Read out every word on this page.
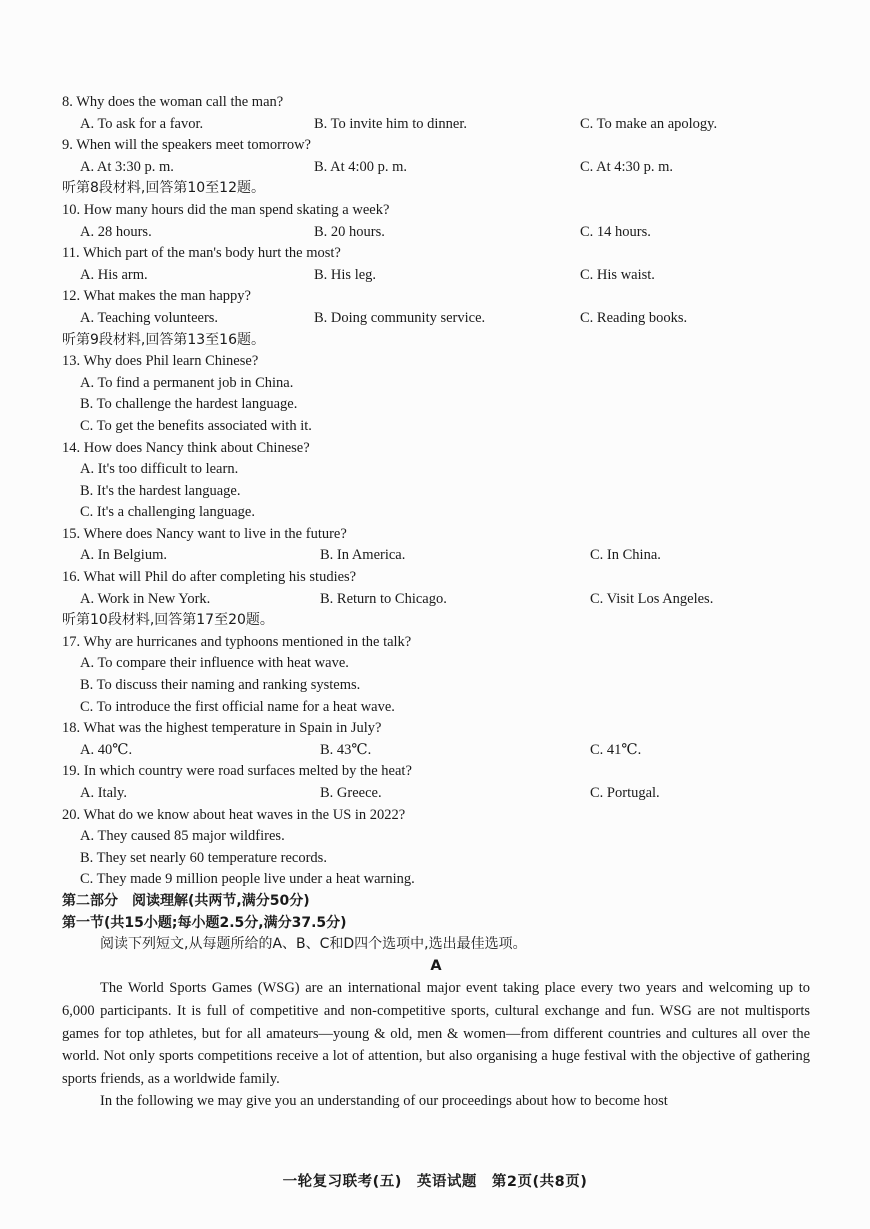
8. Why does the woman call the man?
A. To ask for a favor.	B. To invite him to dinner.	C. To make an apology.
9. When will the speakers meet tomorrow?
A. At 3:30 p. m.	B. At 4:00 p. m.	C. At 4:30 p. m.
听第8段材料,回答第10至12题。
10. How many hours did the man spend skating a week?
A. 28 hours.	B. 20 hours.	C. 14 hours.
11. Which part of the man's body hurt the most?
A. His arm.	B. His leg.	C. His waist.
12. What makes the man happy?
A. Teaching volunteers.	B. Doing community service.	C. Reading books.
听第9段材料,回答第13至16题。
13. Why does Phil learn Chinese?
A. To find a permanent job in China.
B. To challenge the hardest language.
C. To get the benefits associated with it.
14. How does Nancy think about Chinese?
A. It's too difficult to learn.
B. It's the hardest language.
C. It's a challenging language.
15. Where does Nancy want to live in the future?
A. In Belgium.	B. In America.	C. In China.
16. What will Phil do after completing his studies?
A. Work in New York.	B. Return to Chicago.	C. Visit Los Angeles.
听第10段材料,回答第17至20题。
17. Why are hurricanes and typhoons mentioned in the talk?
A. To compare their influence with heat wave.
B. To discuss their naming and ranking systems.
C. To introduce the first official name for a heat wave.
18. What was the highest temperature in Spain in July?
A. 40℃.	B. 43℃.	C. 41℃.
19. In which country were road surfaces melted by the heat?
A. Italy.	B. Greece.	C. Portugal.
20. What do we know about heat waves in the US in 2022?
A. They caused 85 major wildfires.
B. They set nearly 60 temperature records.
C. They made 9 million people live under a heat warning.
第二部分　阅读理解(共两节,满分50分)
第一节(共15小题;每小题2.5分,满分37.5分)
阅读下列短文,从每题所给的A、B、C和D四个选项中,选出最佳选项。
A

The World Sports Games (WSG) are an international major event taking place every two years and welcoming up to 6,000 participants. It is full of competitive and non-competitive sports, cultural exchange and fun. WSG are not multisports games for top athletes, but for all amateurs—young & old, men & women—from different countries and cultures all over the world. Not only sports competitions receive a lot of attention, but also organising a huge festival with the objective of gathering sports friends, as a worldwide family.

In the following we may give you an understanding of our proceedings about how to become host

一轮复习联考(五)　英语试题　第2页(共8页)
